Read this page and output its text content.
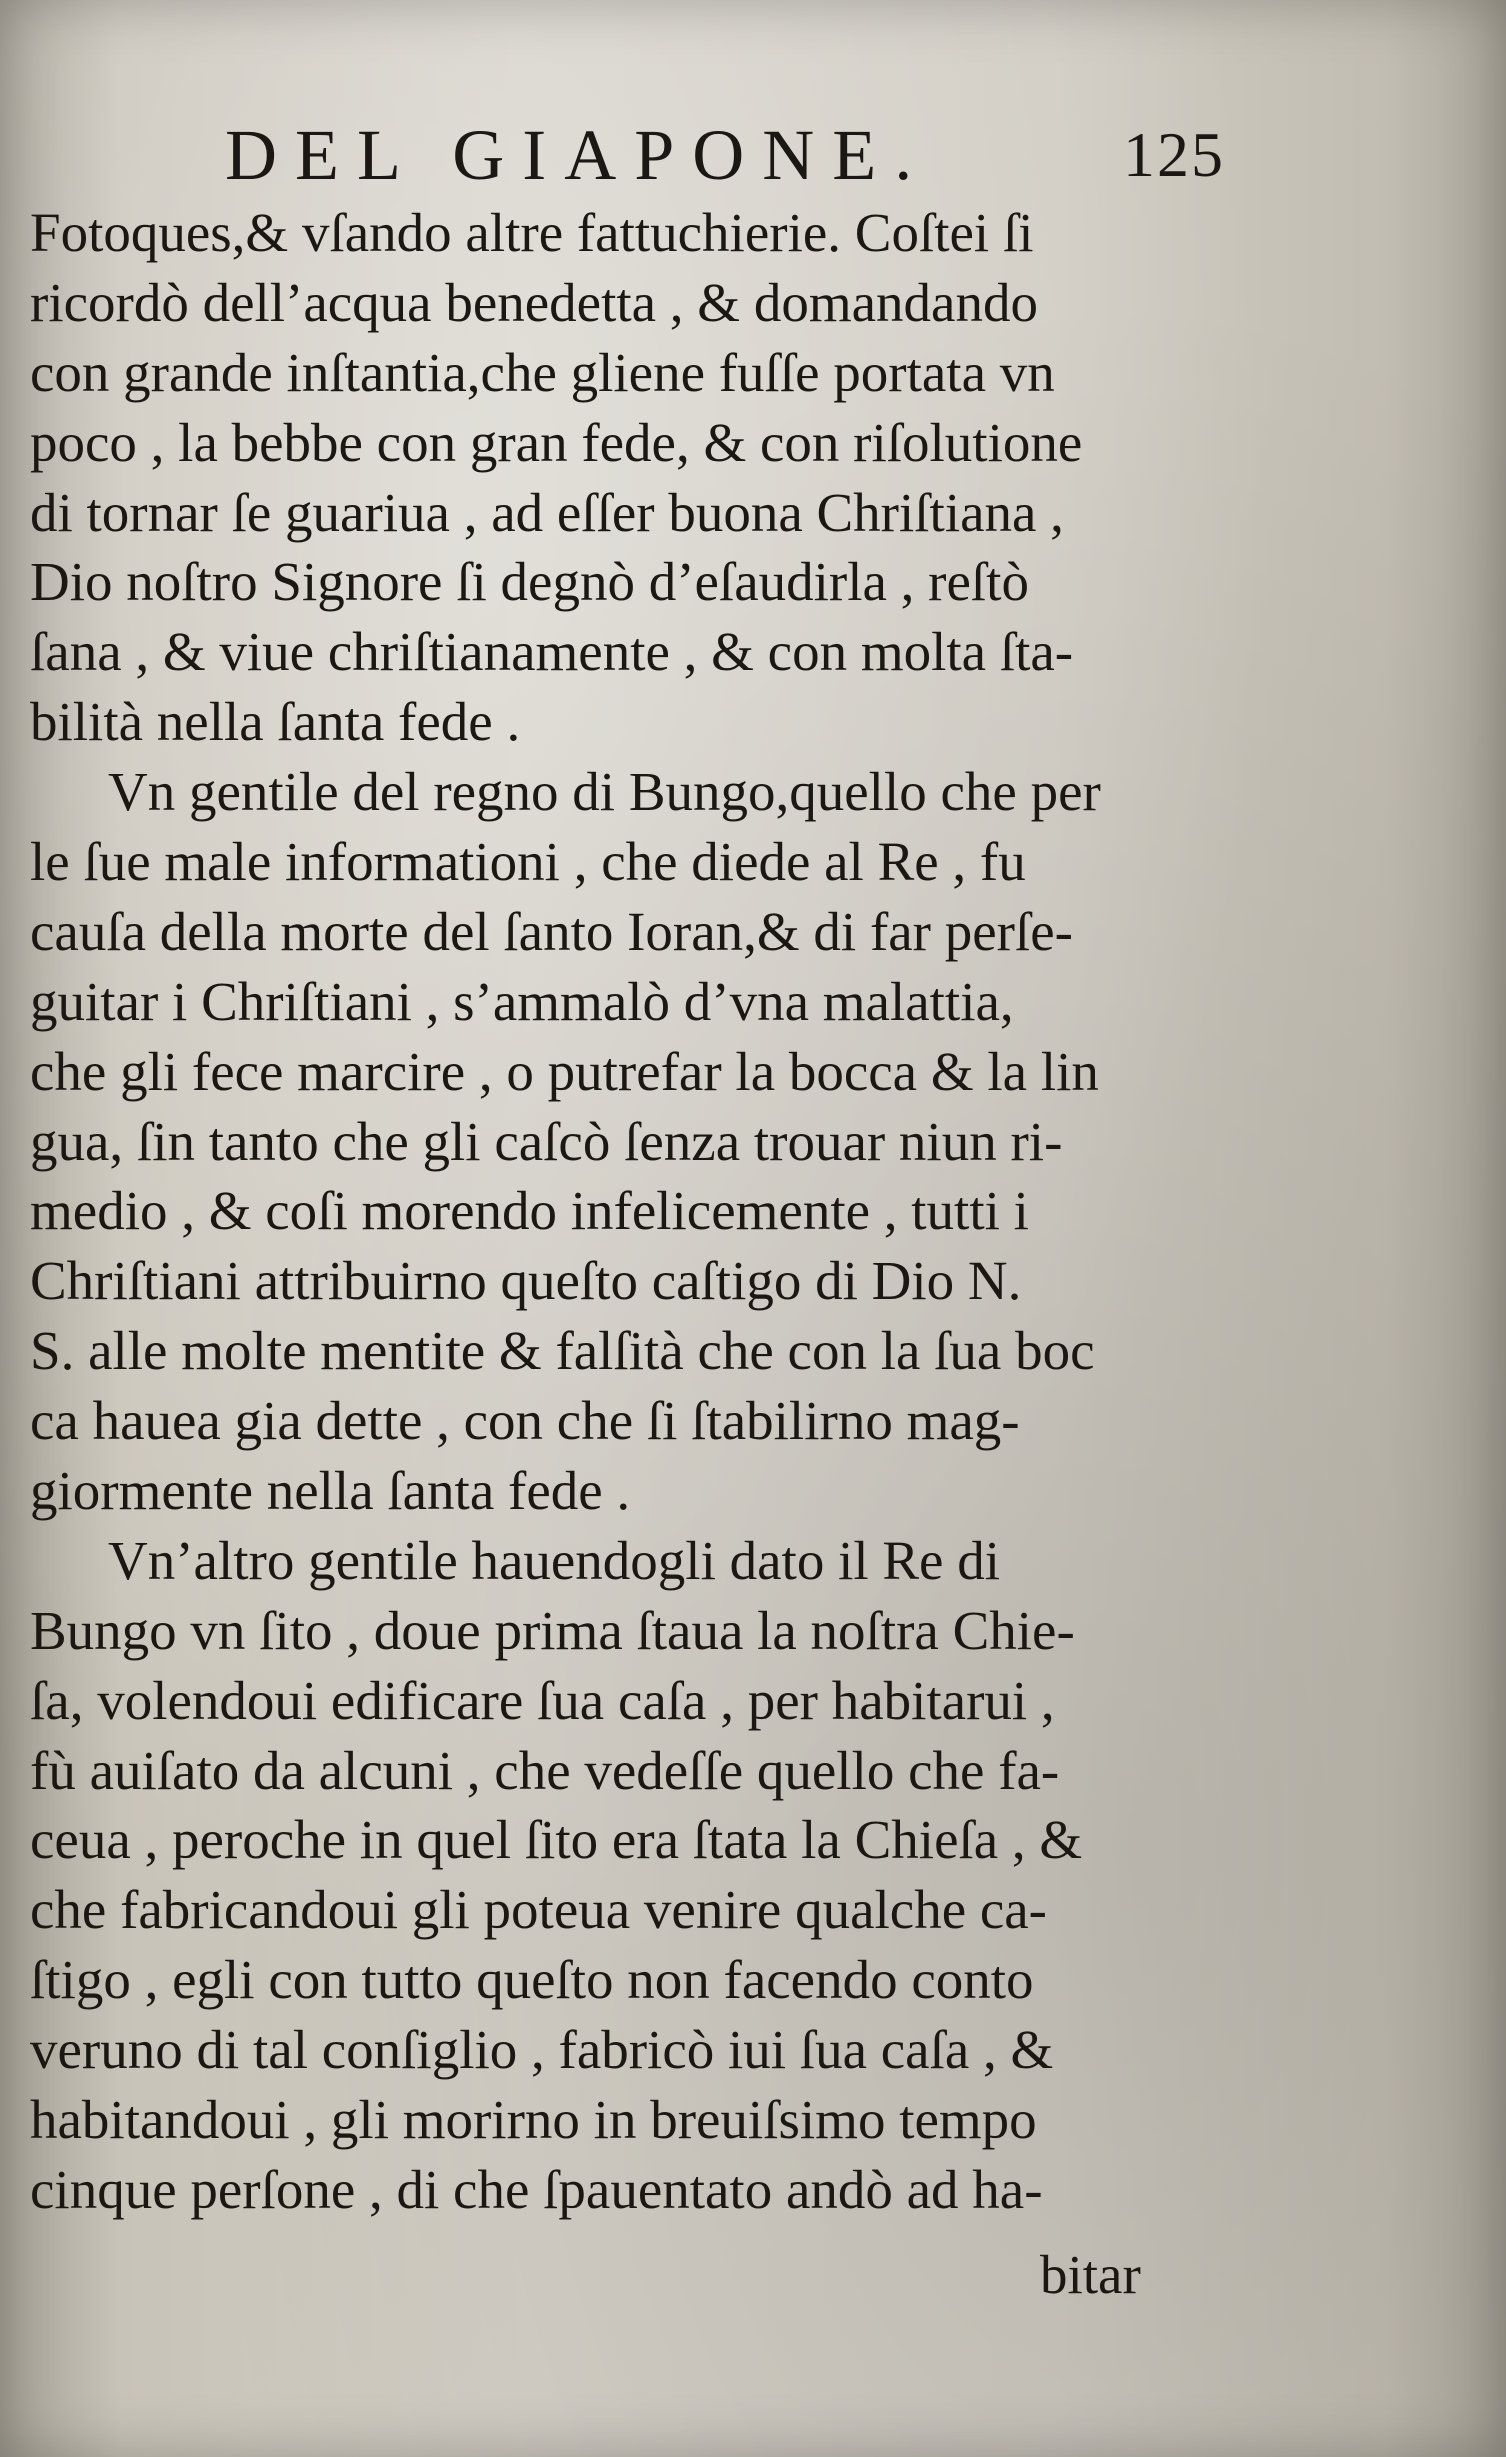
DEL GIAPONE.	125
Fotoques,& vſando altre fattuchierie. Coſtei ſi
ricordò dell’acqua benedetta , & domandando
con grande inſtantia,che gliene fuſſe portata vn
poco , la bebbe con gran fede, & con riſolutione
di tornar ſe guariua , ad eſſer buona Chriſtiana ,
Dio noſtro Signore ſi degnò d’eſaudirla , reſtò
ſana , & viue chriſtianamente , & con molta ſta-
bilità nella ſanta fede .
Vn gentile del regno di Bungo,quello che per
le ſue male informationi , che diede al Re , fu
cauſa della morte del ſanto Ioran,& di far perſe-
guitar i Chriſtiani , s’ammalò d’vna malattia,
che gli fece marcire , o putrefar la bocca & la lin
gua, ſin tanto che gli caſcò ſenza trouar niun ri-
medio , & coſi morendo infelicemente , tutti i
Chriſtiani attribuirno queſto caſtigo di Dio N.
S. alle molte mentite & falſità che con la ſua boc
ca hauea gia dette , con che ſi ſtabilirno mag-
giormente nella ſanta fede .
Vn’altro gentile hauendogli dato il Re di
Bungo vn ſito , doue prima ſtaua la noſtra Chie-
ſa, volendoui edificare ſua caſa , per habitarui ,
fù auiſato da alcuni , che vedeſſe quello che fa-
ceua , peroche in quel ſito era ſtata la Chieſa , &
che fabricandoui gli poteua venire qualche ca-
ſtigo , egli con tutto queſto non facendo conto
veruno di tal conſiglio , fabricò iui ſua caſa , &
habitandoui , gli morirno in breuiſsimo tempo
cinque perſone , di che ſpauentato andò ad ha-
bitar
